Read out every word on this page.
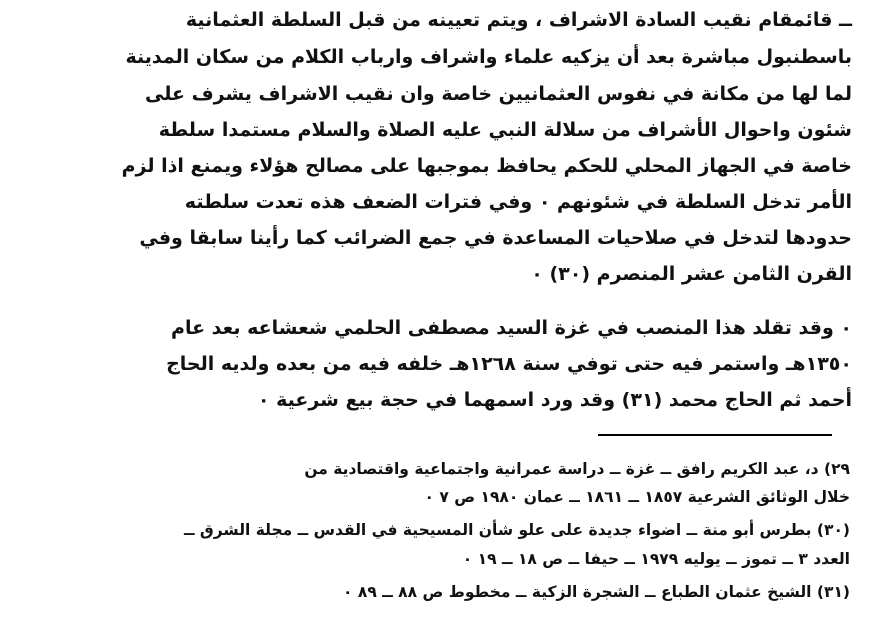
ــ قائمقام نقيب السادة الاشراف ، ويتم تعيينه من قبل السلطة العثمانية
باسطنبول مباشرة بعد أن يزكيه علماء واشراف وارباب الكلام من سكان المدينة
لما لها من مكانة في نفوس العثمانيين خاصة وان نقيب الاشراف يشرف على
شئون واحوال الأشراف من سلالة النبي عليه الصلاة والسلام مستمدا سلطة
خاصة في الجهاز المحلي للحكم يحافظ بموجبها على مصالح هؤلاء ويمنع اذا لزم
الأمر تدخل السلطة في شئونهم ۰ وفي فترات الضعف هذه تعدت سلطته
حدودها لتدخل في صلاحيات المساعدة في جمع الضرائب كما رأينا سابقا وفي
القرن الثامن عشر المنصرم (٣٠) ۰
۰ وقد تقلد هذا المنصب في غزة السيد مصطفى الحلمي شعشاعه بعد عام
١٣٥٠هـ واستمر فيه حتى توفي سنة ١٢٦٨هـ خلفه فيه من بعده ولديه الحاج
أحمد ثم الحاج محمد (٣١) وقد ورد اسمهما في حجة بيع شرعية ۰
٢٩) د، عبد الكريم رافق ــ غزة ــ دراسة عمرانية واجتماعية واقتصادية من
خلال الوثائق الشرعية ١٨٥٧ ــ ١٨٦١ ــ عمان ١٩٨٠ ص ٧ ۰
(٣٠) بطرس أبو منة ــ اضواء جديدة على علو شأن المسيحية في القدس ــ مجلة الشرق ــ
العدد ٣ ــ تموز ــ يوليه ١٩٧٩ ــ حيفا ــ ص ١٨ ــ ١٩ ۰
(٣١) الشيخ عثمان الطباع ــ الشجرة الزكية ــ مخطوط ص ٨٨ ــ ٨٩ ۰
